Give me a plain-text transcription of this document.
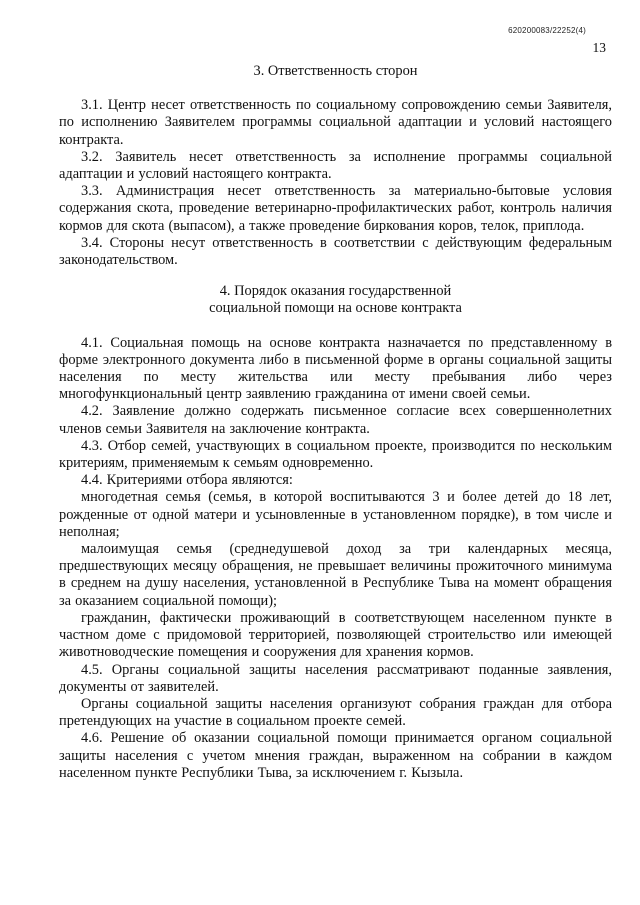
620200083/22252(4)
13
3. Ответственность сторон

3.1. Центр несет ответственность по социальному сопровождению семьи Заявителя, по исполнению Заявителем программы социальной адаптации и условий настоящего контракта.

3.2. Заявитель несет ответственность за исполнение программы социальной адаптации и условий настоящего контракта.

3.3. Администрация несет ответственность за материально-бытовые условия содержания скота, проведение ветеринарно-профилактических работ, контроль наличия кормов для скота (выпасом), а также проведение биркования коров, телок, приплода.

3.4. Стороны несут ответственность в соответствии с действующим федеральным законодательством.

4. Порядок оказания государственной
социальной помощи на основе контракта

4.1. Социальная помощь на основе контракта назначается по представленному в форме электронного документа либо в письменной форме в органы социальной защиты населения по месту жительства или месту пребывания либо через многофункциональный центр заявлению гражданина от имени своей семьи.

4.2. Заявление должно содержать письменное согласие всех совершеннолетних членов семьи Заявителя на заключение контракта.

4.3. Отбор семей, участвующих в социальном проекте, производится по нескольким критериям, применяемым к семьям одновременно.

4.4. Критериями отбора являются:

многодетная семья (семья, в которой воспитываются 3 и более детей до 18 лет, рожденные от одной матери и усыновленные в установленном порядке), в том числе и неполная;

малоимущая семья (среднедушевой доход за три календарных месяца, предшествующих месяцу обращения, не превышает величины прожиточного минимума в среднем на душу населения, установленной в Республике Тыва на момент обращения за оказанием социальной помощи);

гражданин, фактически проживающий в соответствующем населенном пункте в частном доме с придомовой территорией, позволяющей строительство или имеющей животноводческие помещения и сооружения для хранения кормов.

4.5. Органы социальной защиты населения рассматривают поданные заявления, документы от заявителей.

Органы социальной защиты населения организуют собрания граждан для отбора претендующих на участие в социальном проекте семей.

4.6. Решение об оказании социальной помощи принимается органом социальной защиты населения с учетом мнения граждан, выраженном на собрании в каждом населенном пункте Республики Тыва, за исключением г. Кызыла.
